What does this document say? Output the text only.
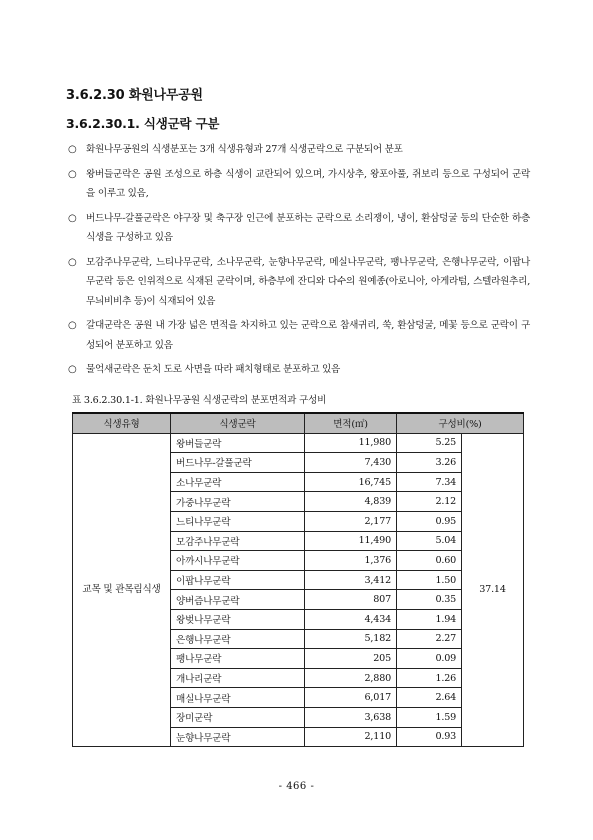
3.6.2.30 화원나무공원
3.6.2.30.1. 식생군락 구분
○ 화원나무공원의 식생분포는 3개 식생유형과 27개 식생군락으로 구분되어 분포
○ 왕버들군락은 공원 조성으로 하층 식생이 교란되어 있으며, 가시상추, 왕포아풀, 쥐보리 등으로 구성되어 군락을 이루고 있음,
○ 버드나무-갈풀군락은 야구장 및 축구장 인근에 분포하는 군락으로 소리쟁이, 냉이, 환삼덩굴 등의 단순한 하층 식생을 구성하고 있음
○ 모감주나무군락, 느티나무군락, 소나무군락, 눈향나무군락, 메실나무군락, 팽나무군락, 은행나무군락, 이팝나무군락 등은 인위적으로 식재된 군락이며, 하층부에 잔디와 다수의 원예종(아로니아, 아게라텀, 스텔라원추리, 무늬비비추 등)이 식재되어 있음
○ 갈대군락은 공원 내 가장 넓은 면적을 차지하고 있는 군락으로 참새귀리, 쑥, 환삼덩굴, 메꽃 등으로 군락이 구성되어 분포하고 있음
○ 물억새군락은 둔치 도로 사면을 따라 패치형태로 분포하고 있음
표 3.6.2.30.1-1. 화원나무공원 식생군락의 분포면적과 구성비
식생유형	식생군락	면적(㎡)	구성비(%)	
교목 및 관목림식생	왕버들군락	11,980	5.25	37.14
	버드나무-갈풀군락	7,430	3.26	
	소나무군락	16,745	7.34	
	가중나무군락	4,839	2.12	
	느티나무군락	2,177	0.95	
	모감주나무군락	11,490	5.04	
	아까시나무군락	1,376	0.60	
	이팝나무군락	3,412	1.50	
	양버즘나무군락	807	0.35	
	왕벚나무군락	4,434	1.94	
	은행나무군락	5,182	2.27	
	팽나무군락	205	0.09	
	개나리군락	2,880	1.26	
	매실나무군락	6,017	2.64	
	장미군락	3,638	1.59	
	눈향나무군락	2,110	0.93	
- 466 -
